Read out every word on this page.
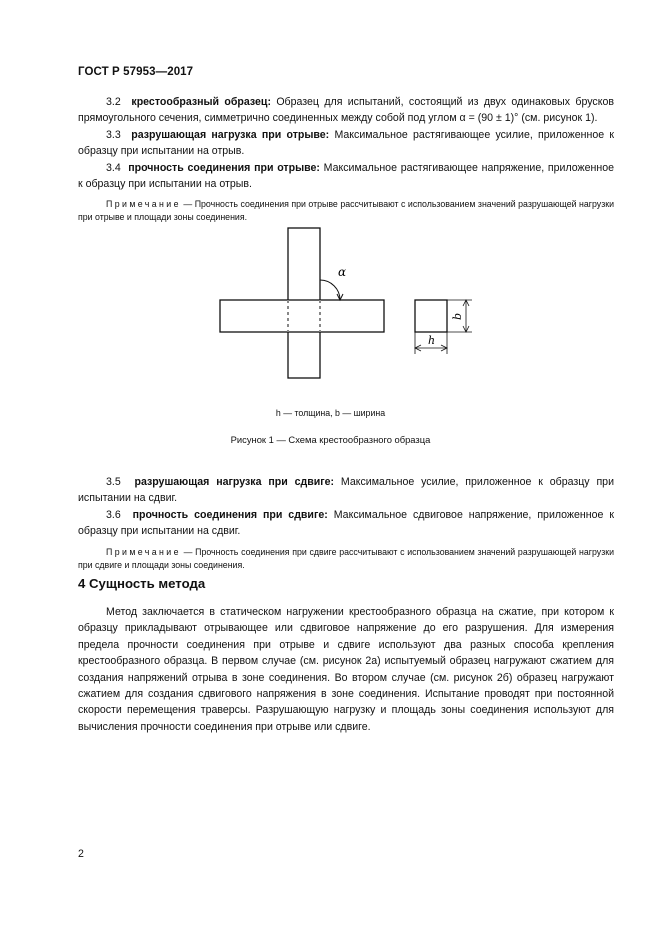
ГОСТ Р 57953—2017

3.2 крестообразный образец: Образец для испытаний, состоящий из двух одинаковых брусков прямоугольного сечения, симметрично соединенных между собой под углом α = (90 ± 1)° (см. рисунок 1).

3.3 разрушающая нагрузка при отрыве: Максимальное растягивающее усилие, приложенное к образцу при испытании на отрыв.

3.4 прочность соединения при отрыве: Максимальное растягивающее напряжение, приложенное к образцу при испытании на отрыв.

Примечание — Прочность соединения при отрыве рассчитывают с использованием значений разрушающей нагрузки при отрыве и площади зоны соединения.

α
b
h
h — толщина, b — ширина
Рисунок 1 — Схема крестообразного образца

3.5 разрушающая нагрузка при сдвиге: Максимальное усилие, приложенное к образцу при испытании на сдвиг.

3.6 прочность соединения при сдвиге: Максимальное сдвиговое напряжение, приложенное к образцу при испытании на сдвиг.

Примечание — Прочность соединения при сдвиге рассчитывают с использованием значений разрушающей нагрузки при сдвиге и площади зоны соединения.

4 Сущность метода

Метод заключается в статическом нагружении крестообразного образца на сжатие, при котором к образцу прикладывают отрывающее или сдвиговое напряжение до его разрушения. Для измерения предела прочности соединения при отрыве и сдвиге используют два разных способа крепления крестообразного образца. В первом случае (см. рисунок 2а) испытуемый образец нагружают сжатием для создания напряжений отрыва в зоне соединения. Во втором случае (см. рисунок 2б) образец нагружают сжатием для создания сдвигового напряжения в зоне соединения. Испытание проводят при постоянной скорости перемещения траверсы. Разрушающую нагрузку и площадь зоны соединения используют для вычисления прочности соединения при отрыве или сдвиге.

2
